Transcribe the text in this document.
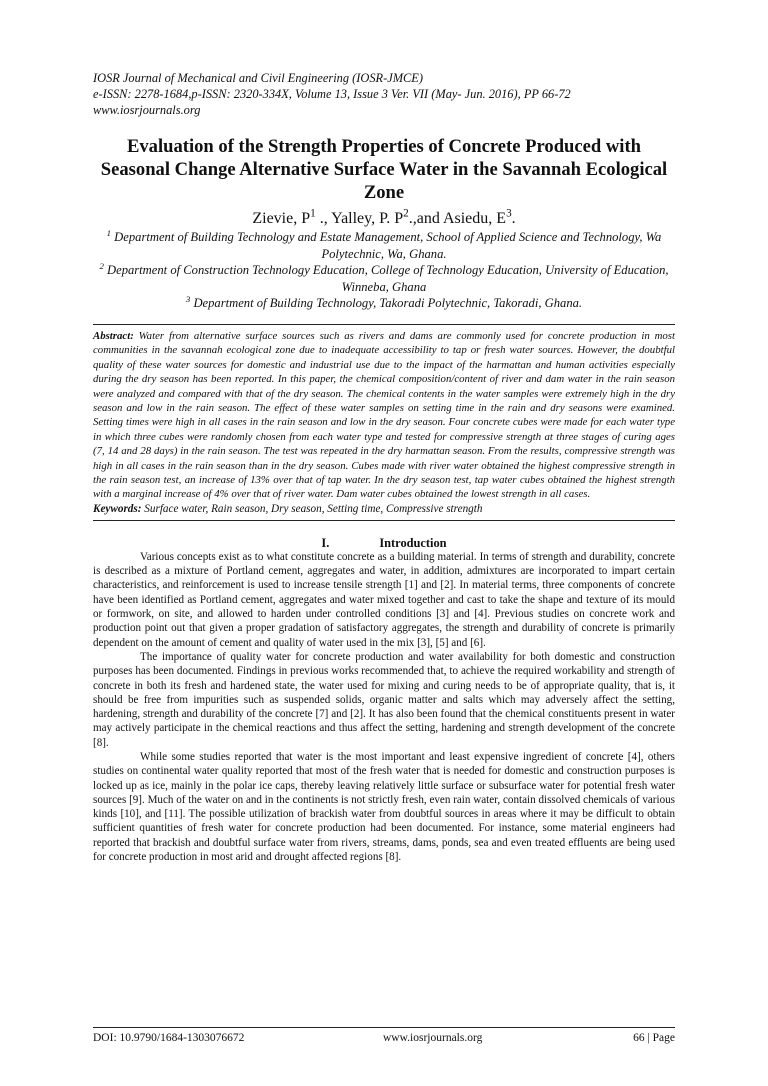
IOSR Journal of Mechanical and Civil Engineering (IOSR-JMCE)
e-ISSN: 2278-1684,p-ISSN: 2320-334X, Volume 13, Issue 3 Ver. VII (May- Jun. 2016), PP 66-72
www.iosrjournals.org
Evaluation of the Strength Properties of Concrete Produced with Seasonal Change Alternative Surface Water in the Savannah Ecological Zone
Zievie, $P^1$ ., Yalley, P. $P^2.,and$ Asiedu, $E^3$.
$^1$ Department of Building Technology and Estate Management, School of Applied Science and Technology, Wa Polytechnic, Wa, Ghana.
$^2$ Department of Construction Technology Education, College of Technology Education, University of Education, Winneba, Ghana
$^3$ Department of Building Technology, Takoradi Polytechnic, Takoradi, Ghana.
Abstract: Water from alternative surface sources such as rivers and dams are commonly used for concrete production in most communities in the savannah ecological zone due to inadequate accessibility to tap or fresh water sources. However, the doubtful quality of these water sources for domestic and industrial use due to the impact of the harmattan and human activities especially during the dry season has been reported. In this paper, the chemical composition/content of river and dam water in the rain season were analyzed and compared with that of the dry season. The chemical contents in the water samples were extremely high in the dry season and low in the rain season. The effect of these water samples on setting time in the rain and dry seasons were examined. Setting times were high in all cases in the rain season and low in the dry season. Four concrete cubes were made for each water type in which three cubes were randomly chosen from each water type and tested for compressive strength at three stages of curing ages (7, 14 and 28 days) in the rain season. The test was repeated in the dry harmattan season. From the results, compressive strength was high in all cases in the rain season than in the dry season. Cubes made with river water obtained the highest compressive strength in the rain season test, an increase of 13% over that of tap water. In the dry season test, tap water cubes obtained the highest strength with a marginal increase of 4% over that of river water. Dam water cubes obtained the lowest strength in all cases.
Keywords: Surface water, Rain season, Dry season, Setting time, Compressive strength
I.	Introduction

Various concepts exist as to what constitute concrete as a building material. In terms of strength and durability, concrete is described as a mixture of Portland cement, aggregates and water, in addition, admixtures are incorporated to impart certain characteristics, and reinforcement is used to increase tensile strength [1] and [2]. In material terms, three components of concrete have been identified as Portland cement, aggregates and water mixed together and cast to take the shape and texture of its mould or formwork, on site, and allowed to harden under controlled conditions [3] and [4]. Previous studies on concrete work and production point out that given a proper gradation of satisfactory aggregates, the strength and durability of concrete is primarily dependent on the amount of cement and quality of water used in the mix [3], [5] and [6].

The importance of quality water for concrete production and water availability for both domestic and construction purposes has been documented. Findings in previous works recommended that, to achieve the required workability and strength of concrete in both its fresh and hardened state, the water used for mixing and curing needs to be of appropriate quality, that is, it should be free from impurities such as suspended solids, organic matter and salts which may adversely affect the setting, hardening, strength and durability of the concrete [7] and [2]. It has also been found that the chemical constituents present in water may actively participate in the chemical reactions and thus affect the setting, hardening and strength development of the concrete [8].

While some studies reported that water is the most important and least expensive ingredient of concrete [4], others studies on continental water quality reported that most of the fresh water that is needed for domestic and construction purposes is locked up as ice, mainly in the polar ice caps, thereby leaving relatively little surface or subsurface water for potential fresh water sources [9]. Much of the water on and in the continents is not strictly fresh, even rain water, contain dissolved chemicals of various kinds [10], and [11]. The possible utilization of brackish water from doubtful sources in areas where it may be difficult to obtain sufficient quantities of fresh water for concrete production had been documented. For instance, some material engineers had reported that brackish and doubtful surface water from rivers, streams, dams, ponds, sea and even treated effluents are being used for concrete production in most arid and drought affected regions [8].

DOI: 10.9790/1684-1303076672	www.iosrjournals.org	66 | Page
